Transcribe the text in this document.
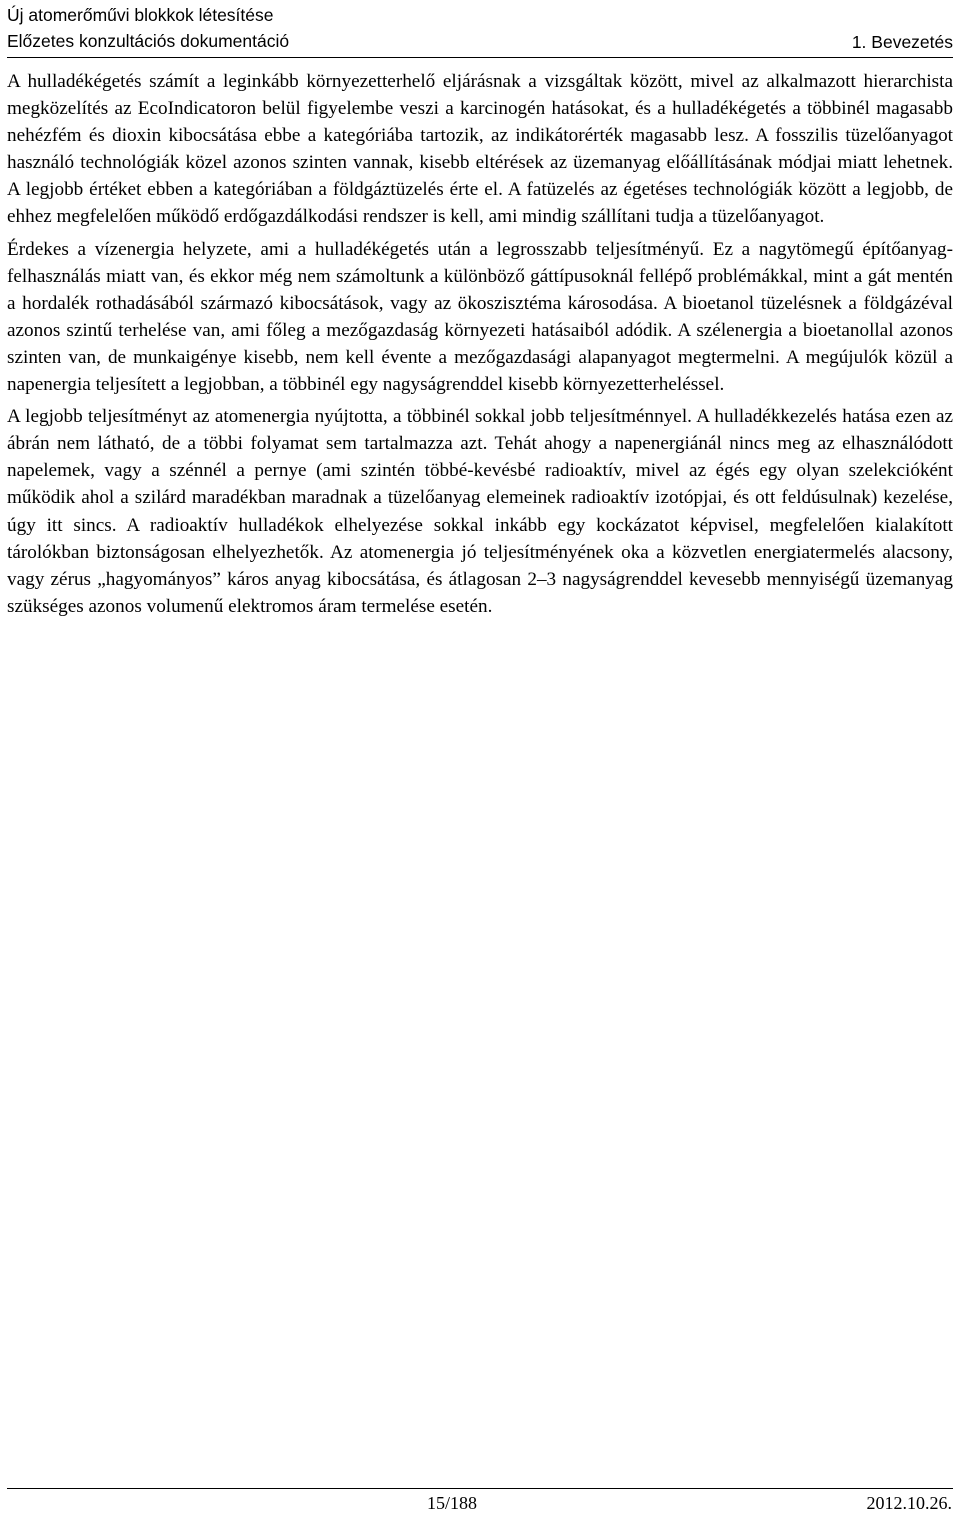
Új atomerőművi blokkok létesítése
Előzetes konzultációs dokumentáció	1. Bevezetés

A hulladékégetés számít a leginkább környezetterhelő eljárásnak a vizsgáltak között, mivel az alkalmazott hierarchista megközelítés az EcoIndicatoron belül figyelembe veszi a karcinogén hatásokat, és a hulladékégetés a többinél magasabb nehézfém és dioxin kibocsátása ebbe a kategóriába tartozik, az indikátorérték magasabb lesz. A fosszilis tüzelőanyagot használó technológiák közel azonos szinten vannak, kisebb eltérések az üzemanyag előállításának módjai miatt lehetnek. A legjobb értéket ebben a kategóriában a földgáztüzelés érte el. A fatüzelés az égetéses technológiák között a legjobb, de ehhez megfelelően működő erdőgazdálkodási rendszer is kell, ami mindig szállítani tudja a tüzelőanyagot.

Érdekes a vízenergia helyzete, ami a hulladékégetés után a legrosszabb teljesítményű. Ez a nagytömegű építőanyag-felhasználás miatt van, és ekkor még nem számoltunk a különböző gáttípusoknál fellépő problémákkal, mint a gát mentén a hordalék rothadásából származó kibocsátások, vagy az ökoszisztéma károsodása. A bioetanol tüzelésnek a földgázéval azonos szintű terhelése van, ami főleg a mezőgazdaság környezeti hatásaiból adódik. A szélenergia a bioetanollal azonos szinten van, de munkaigénye kisebb, nem kell évente a mezőgazdasági alapanyagot megtermelni. A megújulók közül a napenergia teljesített a legjobban, a többinél egy nagyságrenddel kisebb környezetterheléssel.

A legjobb teljesítményt az atomenergia nyújtotta, a többinél sokkal jobb teljesítménnyel. A hulladékkezelés hatása ezen az ábrán nem látható, de a többi folyamat sem tartalmazza azt. Tehát ahogy a napenergiánál nincs meg az elhasználódott napelemek, vagy a szénnél a pernye (ami szintén többé-kevésbé radioaktív, mivel az égés egy olyan szelekcióként működik ahol a szilárd maradékban maradnak a tüzelőanyag elemeinek radioaktív izotópjai, és ott feldúsulnak) kezelése, úgy itt sincs. A radioaktív hulladékok elhelyezése sokkal inkább egy kockázatot képvisel, megfelelően kialakított tárolókban biztonságosan elhelyezhetők. Az atomenergia jó teljesítményének oka a közvetlen energiatermelés alacsony, vagy zérus „hagyományos” káros anyag kibocsátása, és átlagosan 2–3 nagyságrenddel kevesebb mennyiségű üzemanyag szükséges azonos volumenű elektromos áram termelése esetén.

15/188	2012.10.26.
